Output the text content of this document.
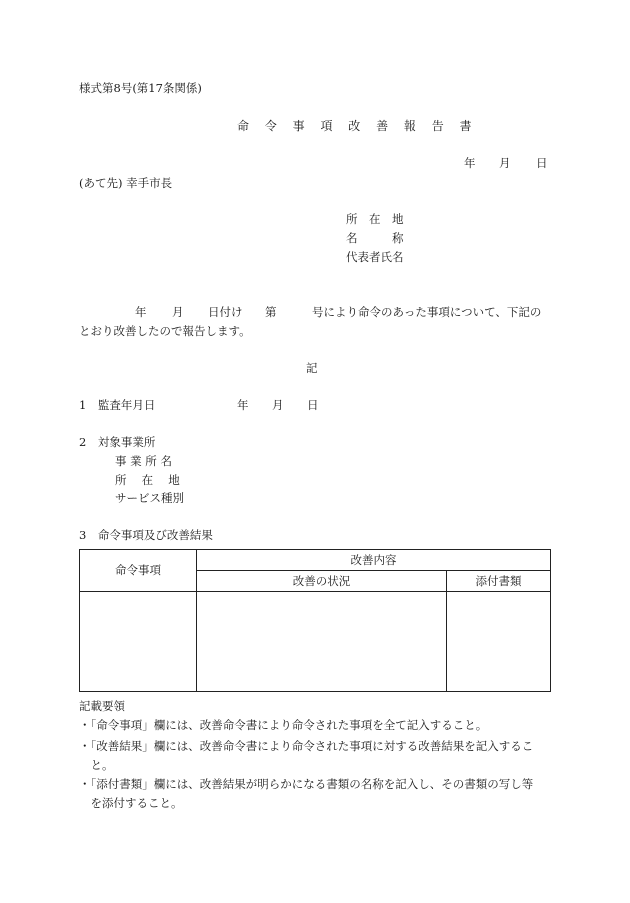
様式第8号(第17条関係)
命 令 事 項 改 善 報 告 書
年 月 日
(あて先) 幸手市長
所　在　地
名　　　称
代表者氏名
年 月 日付け 第	号により命令のあった事項について、下記の
とおり改善したので報告します。
記
1　監査年月日	年 月 日
2　対象事業所
事 業 所 名
所　 在　 地
サービス種別
3　命令事項及び改善結果
命令事項
改善内容
改善の状況	添付書類
記載要領
・「命令事項」欄には、改善命令書により命令された事項を全て記入すること。
・「改善結果」欄には、改善命令書により命令された事項に対する改善結果を記入するこ
　と。
・「添付書類」欄には、改善結果が明らかになる書類の名称を記入し、その書類の写し等
　を添付すること。
